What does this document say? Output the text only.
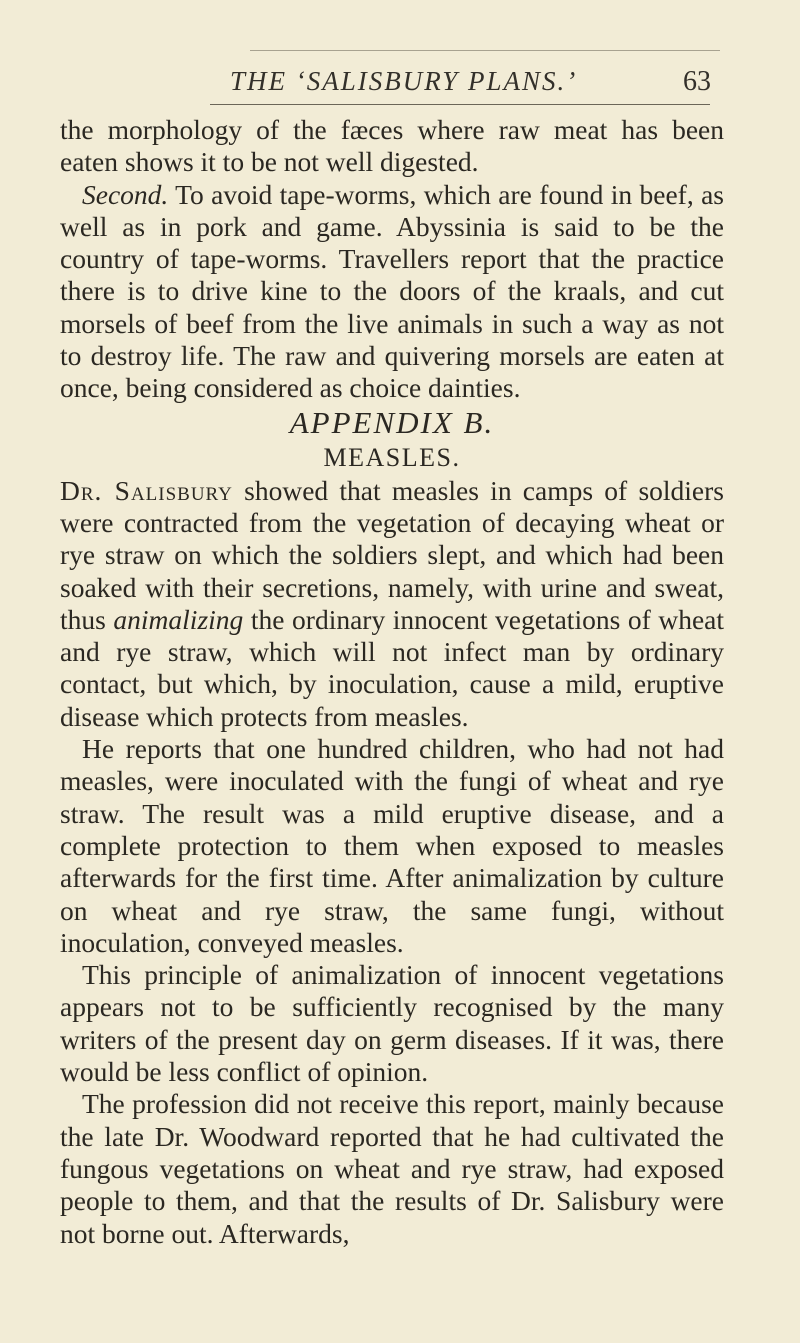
THE ‘SALISBURY PLANS.’	63

the morphology of the fæces where raw meat has been eaten shows it to be not well digested.

Second. To avoid tape-worms, which are found in beef, as well as in pork and game. Abyssinia is said to be the country of tape-worms. Travellers report that the practice there is to drive kine to the doors of the kraals, and cut morsels of beef from the live animals in such a way as not to destroy life. The raw and quivering morsels are eaten at once, being considered as choice dainties.

APPENDIX B.

MEASLES.

Dr. Salisbury showed that measles in camps of soldiers were contracted from the vegetation of decaying wheat or rye straw on which the soldiers slept, and which had been soaked with their secretions, namely, with urine and sweat, thus animalizing the ordinary innocent vegetations of wheat and rye straw, which will not infect man by ordinary contact, but which, by inoculation, cause a mild, eruptive disease which protects from measles.

He reports that one hundred children, who had not had measles, were inoculated with the fungi of wheat and rye straw. The result was a mild eruptive disease, and a complete protection to them when exposed to measles afterwards for the first time. After animalization by culture on wheat and rye straw, the same fungi, without inoculation, conveyed measles.

This principle of animalization of innocent vegetations appears not to be sufficiently recognised by the many writers of the present day on germ diseases. If it was, there would be less conflict of opinion.

The profession did not receive this report, mainly because the late Dr. Woodward reported that he had cultivated the fungous vegetations on wheat and rye straw, had exposed people to them, and that the results of Dr. Salisbury were not borne out. Afterwards,
